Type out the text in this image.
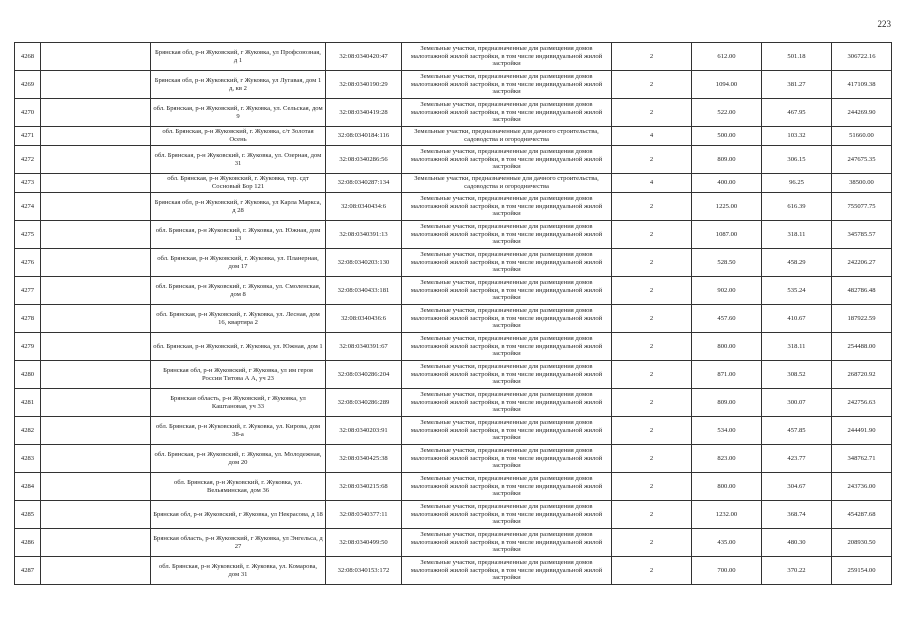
223
4268		Брянская обл, р-н Жуковский, г Жуковка, ул Профсоюзная, д 1	32:08:0340420:47	Земельные участки, предназначенные для размещения домов малоэтажной жилой застройки, в том числе индивидуальной жилой застройки	2	612.00	501.18	306722.16
4269		Брянская обл, р-н Жуковский, г Жуковка, ул Лугавая, дом 1 д, кв 2	32:08:0340190:29	Земельные участки, предназначенные для размещения домов малоэтажной жилой застройки, в том числе индивидуальной жилой застройки	2	1094.00	381.27	417109.38
4270		обл. Брянская, р-н Жуковский, г. Жуковка, ул. Сельская, дом 9	32:08:0340419:28	Земельные участки, предназначенные для размещения домов малоэтажной жилой застройки, в том числе индивидуальной жилой застройки	2	522.00	467.95	244269.90
4271		обл. Брянская, р-н Жуковский, г. Жуковка, с/т Золотая Осень	32:08:0340184:116	Земельные участки, предназначенные для дачного строительства, садоводства и огородничества	4	500.00	103.32	51660.00
4272		обл. Брянская, р-н Жуковский, г. Жуковка, ул. Озерная, дом 31	32:08:0340286:56	Земельные участки, предназначенные для размещения домов малоэтажной жилой застройки, в том числе индивидуальной жилой застройки	2	809.00	306.15	247675.35
4273		обл. Брянская, р-н Жуковский, г. Жуковка, тер. сдт Сосновый Бор 121	32:08:0340287:134	Земельные участки, предназначенные для дачного строительства, садоводства и огородничества	4	400.00	96.25	38500.00
4274		Брянская обл, р-н Жуковский, г Жуковка, ул Карла Маркса, д 28	32:08:0340434:6	Земельные участки, предназначенные для размещения домов малоэтажной жилой застройки, в том числе индивидуальной жилой застройки	2	1225.00	616.39	755077.75
4275		обл. Брянская, р-н Жуковский, г. Жуковка, ул. Южная, дом 13	32:08:0340391:13	Земельные участки, предназначенные для размещения домов малоэтажной жилой застройки, в том числе индивидуальной жилой застройки	2	1087.00	318.11	345785.57
4276		обл. Брянская, р-н Жуковский, г. Жуковка, ул. Планерная, дом 17	32:08:0340203:130	Земельные участки, предназначенные для размещения домов малоэтажной жилой застройки, в том числе индивидуальной жилой застройки	2	528.50	458.29	242206.27
4277		обл. Брянская, р-н Жуковский, г. Жуковка, ул. Смоленская, дом 8	32:08:0340433:181	Земельные участки, предназначенные для размещения домов малоэтажной жилой застройки, в том числе индивидуальной жилой застройки	2	902.00	535.24	482786.48
4278		обл. Брянская, р-н Жуковский, г. Жуковка, ул. Лесная, дом 16, квартира 2	32:08:0340436:6	Земельные участки, предназначенные для размещения домов малоэтажной жилой застройки, в том числе индивидуальной жилой застройки	2	457.60	410.67	187922.59
4279		обл. Брянская, р-н Жуковский, г. Жуковка, ул. Южная, дом 1	32:08:0340391:67	Земельные участки, предназначенные для размещения домов малоэтажной жилой застройки, в том числе индивидуальной жилой застройки	2	800.00	318.11	254488.00
4280		Брянская обл, р-н Жуковский, г Жуковка, ул им героя России Титова А А, уч 23	32:08:0340286:204	Земельные участки, предназначенные для размещения домов малоэтажной жилой застройки, в том числе индивидуальной жилой застройки	2	871.00	308.52	268720.92
4281		Брянская область, р-н Жуковский, г Жуковка, ул Каштановая, уч 33	32:08:0340286:289	Земельные участки, предназначенные для размещения домов малоэтажной жилой застройки, в том числе индивидуальной жилой застройки	2	809.00	300.07	242756.63
4282		обл. Брянская, р-н Жуковский, г. Жуковка, ул. Кирова, дом 38-а	32:08:0340203:91	Земельные участки, предназначенные для размещения домов малоэтажной жилой застройки, в том числе индивидуальной жилой застройки	2	534.00	457.85	244491.90
4283		обл. Брянская, р-н Жуковский, г. Жуковка, ул. Молодежная, дом 20	32:08:0340425:38	Земельные участки, предназначенные для размещения домов малоэтажной жилой застройки, в том числе индивидуальной жилой застройки	2	823.00	423.77	348762.71
4284		обл. Брянская, р-н Жуковский, г. Жуковка, ул. Вельяминская, дом 36	32:08:0340215:68	Земельные участки, предназначенные для размещения домов малоэтажной жилой застройки, в том числе индивидуальной жилой застройки	2	800.00	304.67	243736.00
4285		Брянская обл, р-н Жуковский, г Жуковка, ул Некрасова, д 18	32:08:0340377:11	Земельные участки, предназначенные для размещения домов малоэтажной жилой застройки, в том числе индивидуальной жилой застройки	2	1232.00	368.74	454287.68
4286		Брянская область, р-н Жуковский, г Жуковка, ул Энгельса, д 27	32:08:0340499:50	Земельные участки, предназначенные для размещения домов малоэтажной жилой застройки, в том числе индивидуальной жилой застройки	2	435.00	480.30	208930.50
4287		обл. Брянская, р-н Жуковский, г. Жуковка, ул. Комарова, дом 31	32:08:0340153:172	Земельные участки, предназначенные для размещения домов малоэтажной жилой застройки, в том числе индивидуальной жилой застройки	2	700.00	370.22	259154.00
